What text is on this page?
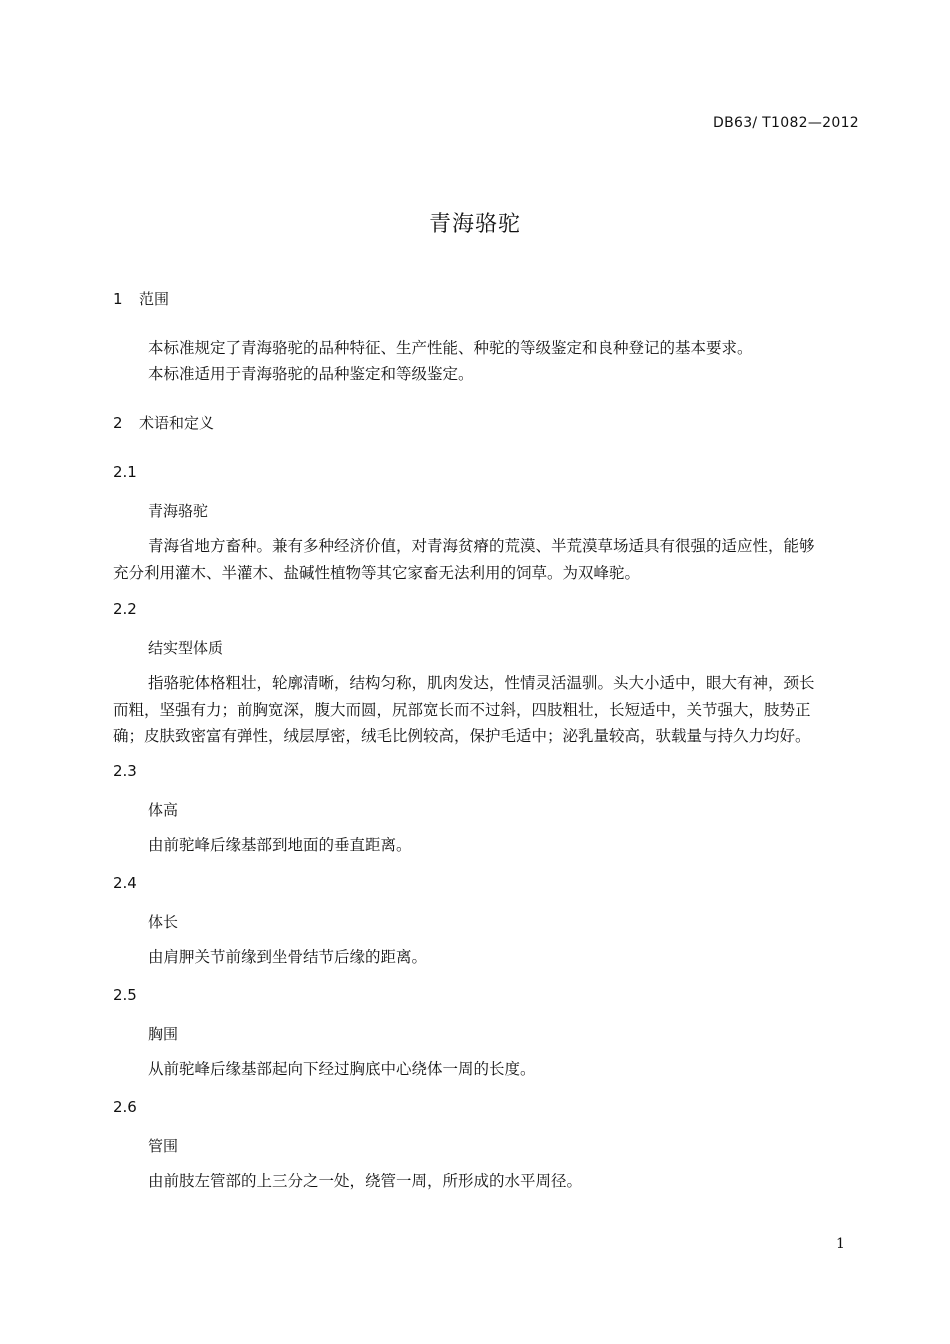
DB63/ T1082—2012
青海骆驼
1 范围
本标准规定了青海骆驼的品种特征、生产性能、种驼的等级鉴定和良种登记的基本要求。
本标准适用于青海骆驼的品种鉴定和等级鉴定。
2 术语和定义
2.1
青海骆驼
青海省地方畜种。兼有多种经济价值，对青海贫瘠的荒漠、半荒漠草场适具有很强的适应性，能够
充分利用灌木、半灌木、盐碱性植物等其它家畜无法利用的饲草。为双峰驼。
2.2
结实型体质
指骆驼体格粗壮，轮廓清晰，结构匀称，肌肉发达，性情灵活温驯。头大小适中，眼大有神，颈长
而粗，坚强有力；前胸宽深，腹大而圆，尻部宽长而不过斜，四肢粗壮，长短适中，关节强大，肢势正
确；皮肤致密富有弹性，绒层厚密，绒毛比例较高，保护毛适中；泌乳量较高，驮载量与持久力均好。
2.3
体高
由前驼峰后缘基部到地面的垂直距离。
2.4
体长
由肩胛关节前缘到坐骨结节后缘的距离。
2.5
胸围
从前驼峰后缘基部起向下经过胸底中心绕体一周的长度。
2.6
管围
由前肢左管部的上三分之一处，绕管一周，所形成的水平周径。
1
